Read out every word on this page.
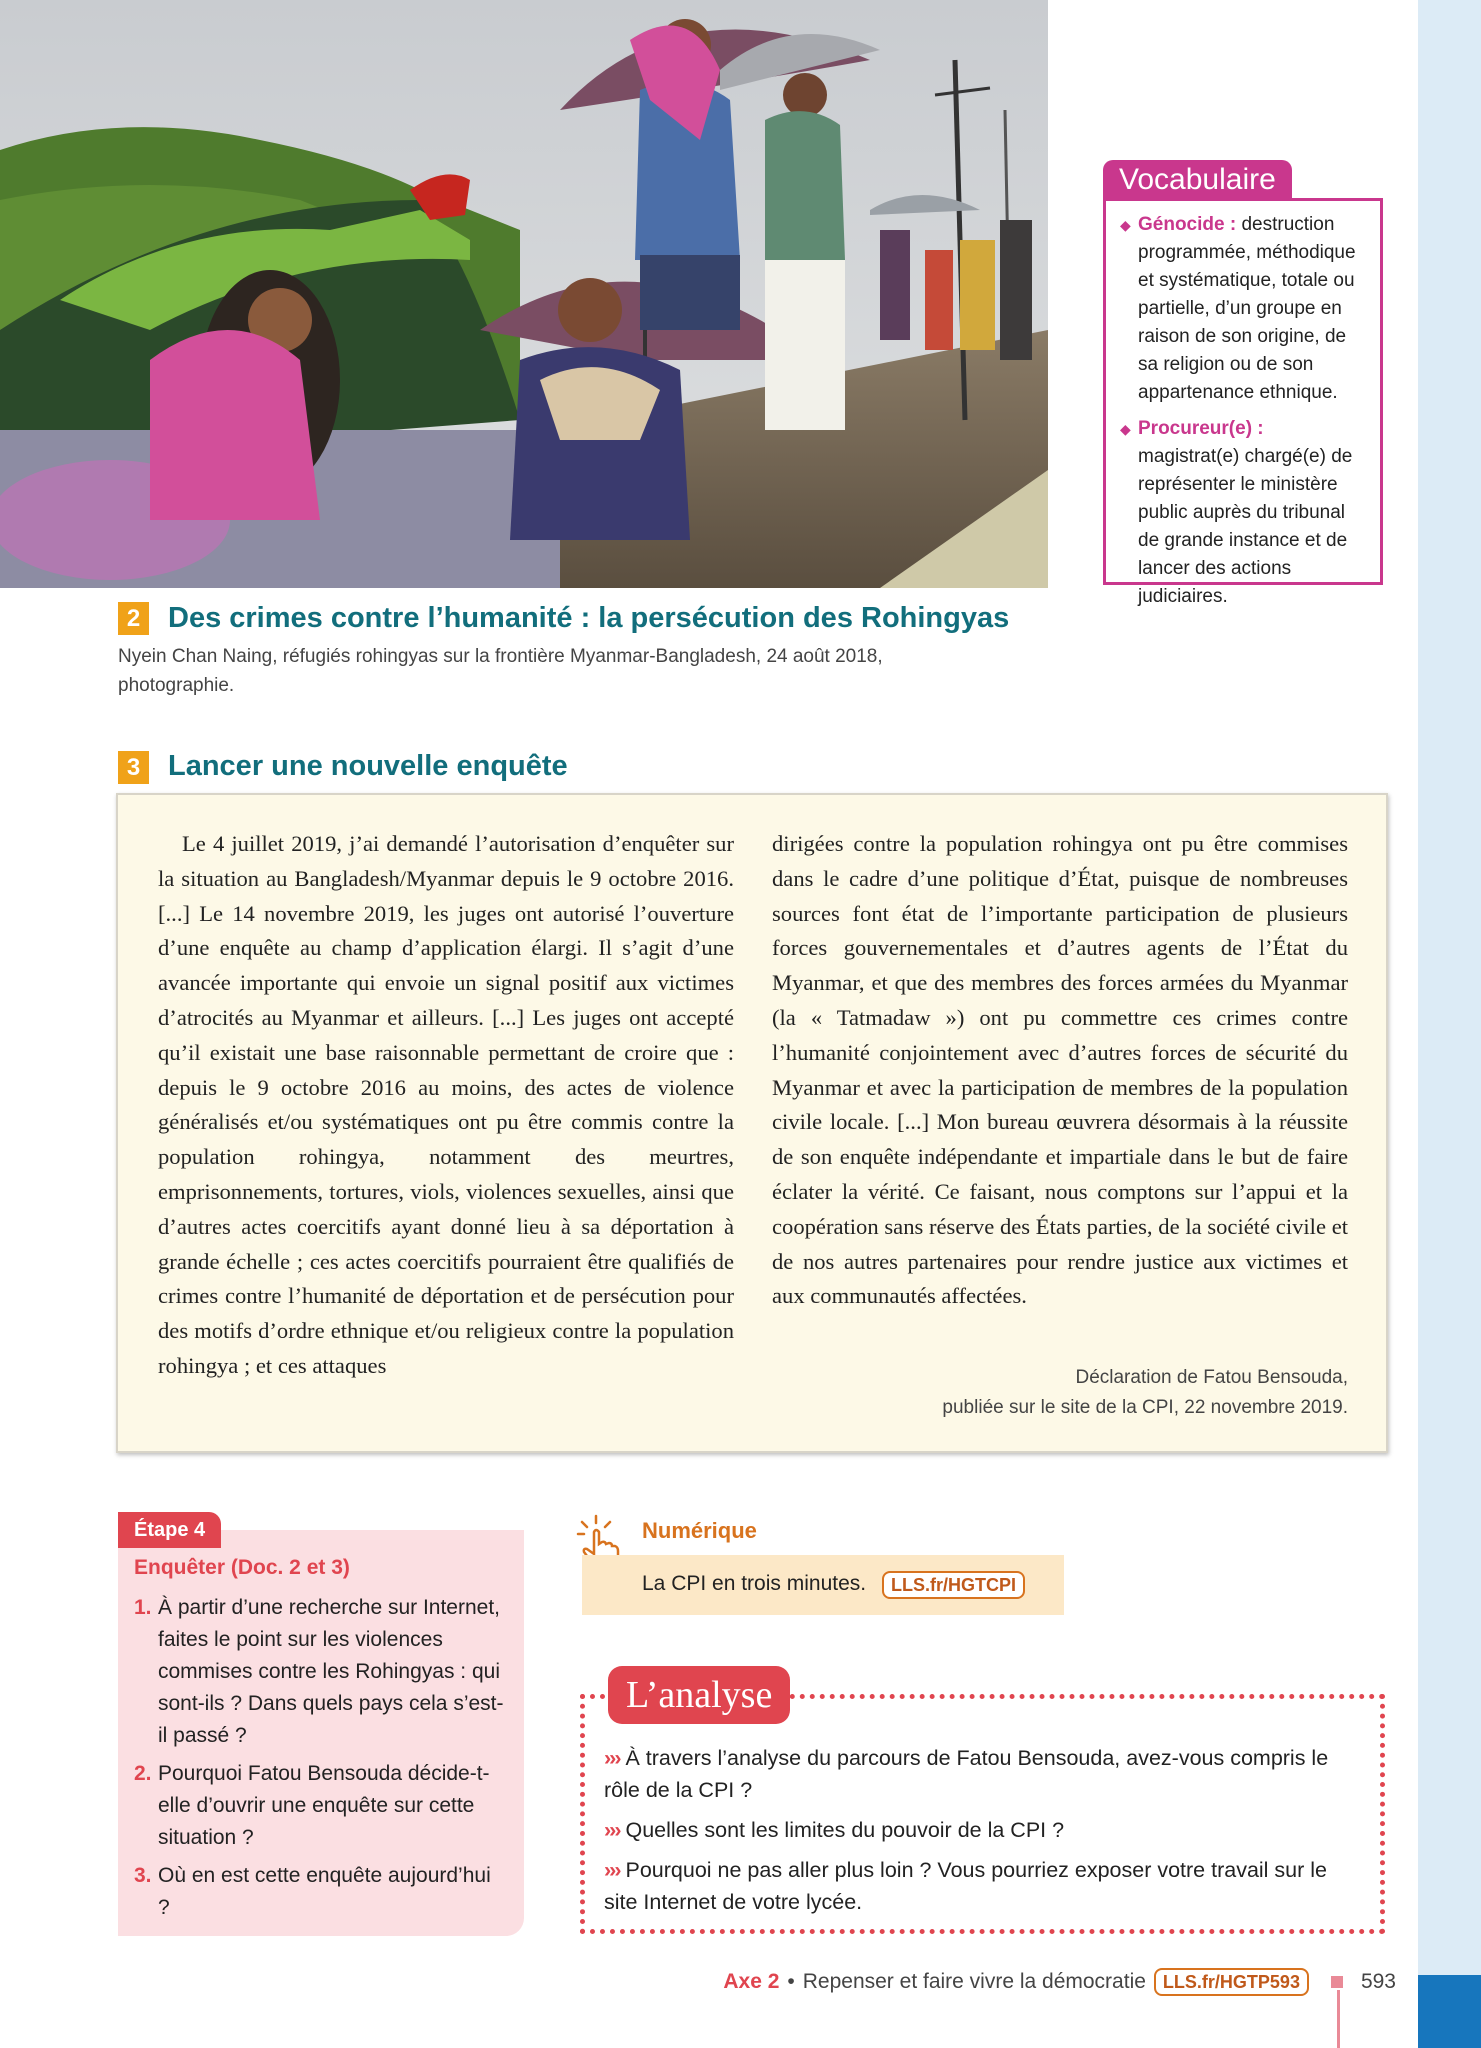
Vocabulaire
◆ Génocide : destruction programmée, méthodique et systématique, totale ou partielle, d’un groupe en raison de son origine, de sa religion ou de son appartenance ethnique.
◆ Procureur(e) : magistrat(e) chargé(e) de représenter le ministère public auprès du tribunal de grande instance et de lancer des actions judiciaires.
2 Des crimes contre l’humanité : la persécution des Rohingyas
Nyein Chan Naing, réfugiés rohingyas sur la frontière Myanmar-Bangladesh, 24 août 2018, photographie.
3 Lancer une nouvelle enquête

Le 4 juillet 2019, j’ai demandé l’autorisation d’enquêter sur la situation au Bangladesh/Myanmar depuis le 9 octobre 2016. [...] Le 14 novembre 2019, les juges ont autorisé l’ouverture d’une enquête au champ d’application élargi. Il s’agit d’une avancée importante qui envoie un signal positif aux victimes d’atrocités au Myanmar et ailleurs. [...] Les juges ont accepté qu’il existait une base raisonnable permettant de croire que : depuis le 9 octobre 2016 au moins, des actes de violence généralisés et/ou systématiques ont pu être commis contre la population rohingya, notamment des meurtres, emprisonnements, tortures, viols, violences sexuelles, ainsi que d’autres actes coercitifs ayant donné lieu à sa déportation à grande échelle ; ces actes coercitifs pourraient être qualifiés de crimes contre l’humanité de déportation et de persécution pour des motifs d’ordre ethnique et/ou religieux contre la population rohingya ; et ces attaques

dirigées contre la population rohingya ont pu être commises dans le cadre d’une politique d’État, puisque de nombreuses sources font état de l’importante participation de plusieurs forces gouvernementales et d’autres agents de l’État du Myanmar, et que des membres des forces armées du Myanmar (la « Tatmadaw ») ont pu commettre ces crimes contre l’humanité conjointement avec d’autres forces de sécurité du Myanmar et avec la participation de membres de la population civile locale. [...] Mon bureau œuvrera désormais à la réussite de son enquête indépendante et impartiale dans le but de faire éclater la vérité. Ce faisant, nous comptons sur l’appui et la coopération sans réserve des États parties, de la société civile et de nos autres partenaires pour rendre justice aux victimes et aux communautés affectées.

Déclaration de Fatou Bensouda,
publiée sur le site de la CPI, 22 novembre 2019.
Étape 4
Enquêter (Doc. 2 et 3)
1. À partir d’une recherche sur Internet, faites le point sur les violences commises contre les Rohingyas : qui sont-ils ? Dans quels pays cela s’est-il passé ?
2. Pourquoi Fatou Bensouda décide-t-elle d’ouvrir une enquête sur cette situation ?
3. Où en est cette enquête aujourd’hui ?
Numérique
La CPI en trois minutes.	LLS.fr/HGTCPI
L’analyse

››› À travers l’analyse du parcours de Fatou Bensouda, avez-vous compris le rôle de la CPI ?

››› Quelles sont les limites du pouvoir de la CPI ?

››› Pourquoi ne pas aller plus loin ? Vous pourriez exposer votre travail sur le site Internet de votre lycée.

Axe 2 • Repenser et faire vivre la démocratie LLS.fr/HGTP593	593
